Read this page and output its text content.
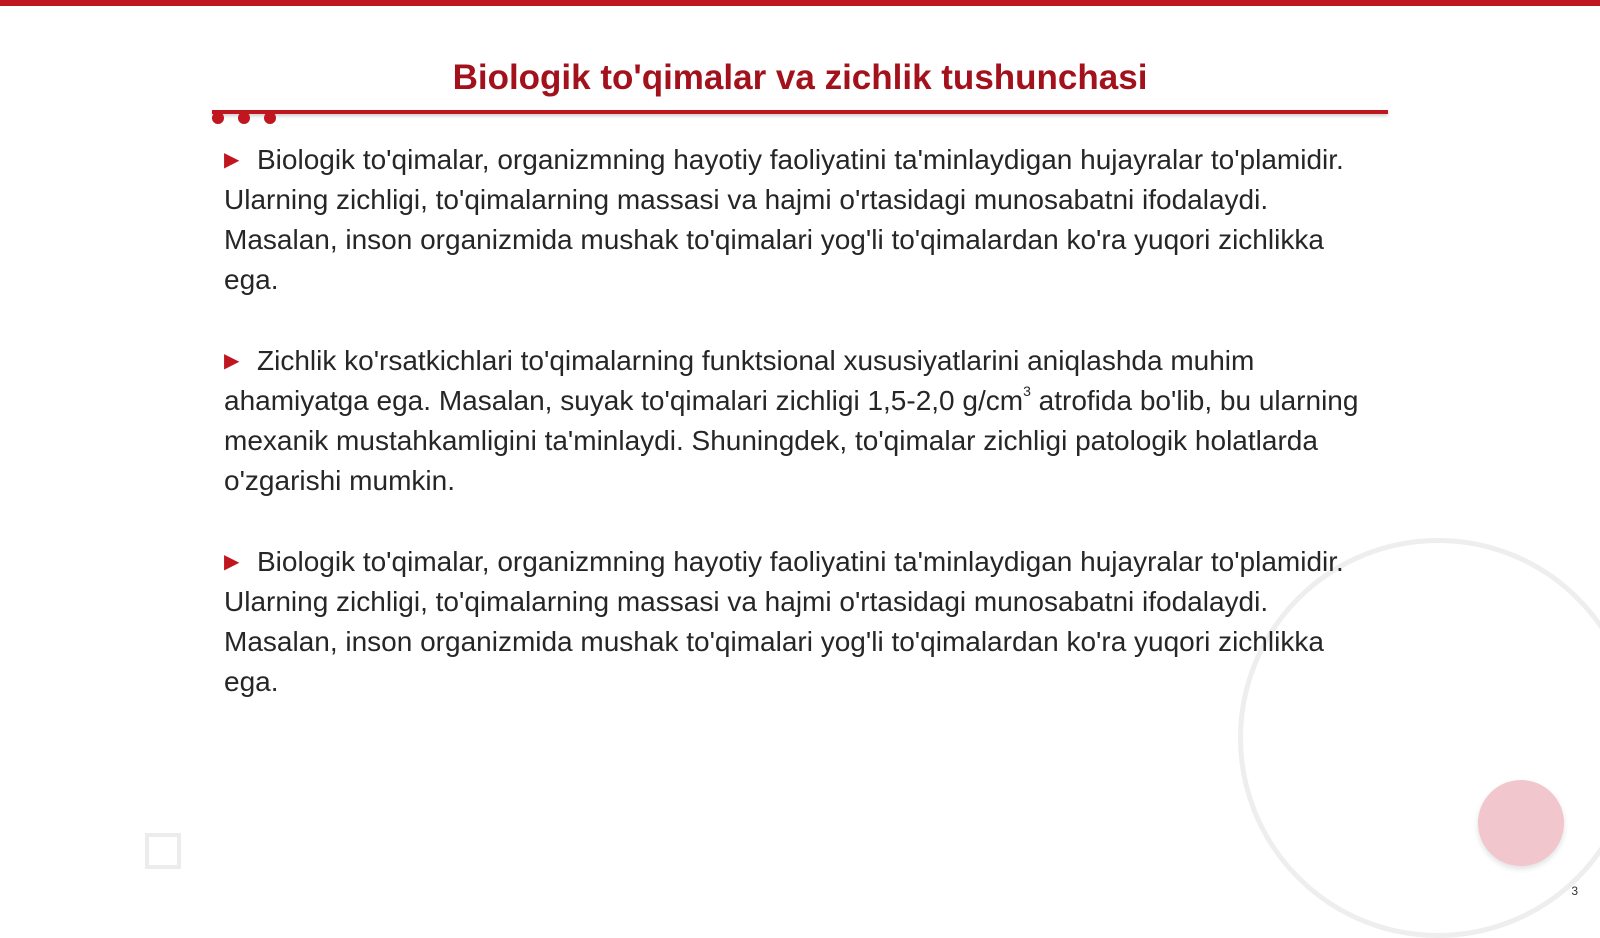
Biologik to'qimalar va zichlik tushunchasi

▶ Biologik to'qimalar, organizmning hayotiy faoliyatini ta'minlaydigan hujayralar to'plamidir. Ularning zichligi, to'qimalarning massasi va hajmi o'rtasidagi munosabatni ifodalaydi. Masalan, inson organizmida mushak to'qimalari yog'li to'qimalardan ko'ra yuqori zichlikka ega.

▶ Zichlik ko'rsatkichlari to'qimalarning funktsional xususiyatlarini aniqlashda muhim ahamiyatga ega. Masalan, suyak to'qimalari zichligi 1,5-2,0 $g/cm^3$ atrofida bo'lib, bu ularning mexanik mustahkamligini ta'minlaydi. Shuningdek, to'qimalar zichligi patologik holatlarda o'zgarishi mumkin.

▶ Biologik to'qimalar, organizmning hayotiy faoliyatini ta'minlaydigan hujayralar to'plamidir. Ularning zichligi, to'qimalarning massasi va hajmi o'rtasidagi munosabatni ifodalaydi. Masalan, inson organizmida mushak to'qimalari yog'li to'qimalardan ko'ra yuqori zichlikka ega.

3
